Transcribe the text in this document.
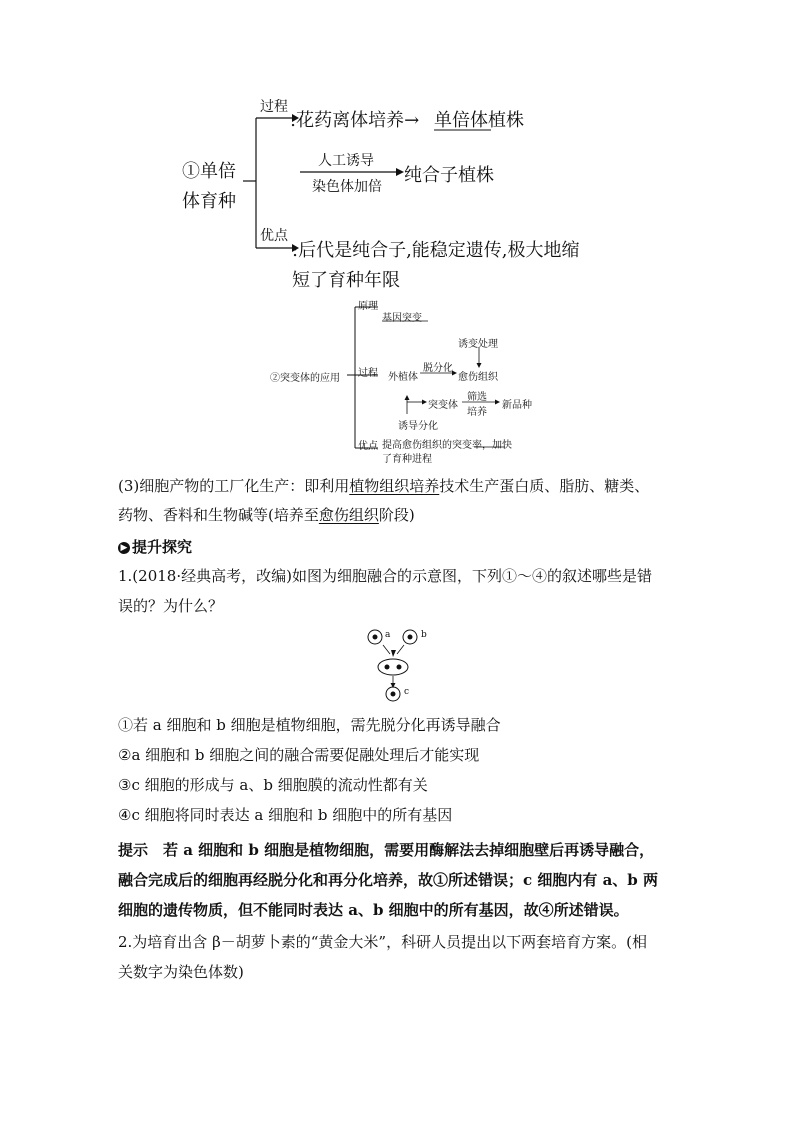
①单倍
体育种
过程
:花药离体培养→ 单倍体植株
人工诱导
染色体加倍
纯合子植株
优点
:后代是纯合子,能稳定遗传,极大地缩
短了育种年限
②突变体的应用
原理
基因突变
过程 外植体
脱分化
诱变处理
愈伤组织
突变体
筛选
培养
新品种
诱导分化
优点 提高愈伤组织的突变率，加快
了育种进程
(3)细胞产物的工厂化生产：即利用植物组织培养技术生产蛋白质、脂肪、糖类、
药物、香料和生物碱等(培养至愈伤组织阶段)
▶ 提升探究
1.(2018·经典高考，改编)如图为细胞融合的示意图，下列①～④的叙述哪些是错
误的？为什么？
a	b
c
①若 a 细胞和 b 细胞是植物细胞，需先脱分化再诱导融合
②a 细胞和 b 细胞之间的融合需要促融处理后才能实现
③c 细胞的形成与 a、b 细胞膜的流动性都有关
④c 细胞将同时表达 a 细胞和 b 细胞中的所有基因
提示　若 a 细胞和 b 细胞是植物细胞，需要用酶解法去掉细胞壁后再诱导融合，
融合完成后的细胞再经脱分化和再分化培养，故①所述错误；c 细胞内有 a、b 两
细胞的遗传物质，但不能同时表达 a、b 细胞中的所有基因，故④所述错误。
2.为培育出含 β－胡萝卜素的“黄金大米”，科研人员提出以下两套培育方案。(相
关数字为染色体数)
